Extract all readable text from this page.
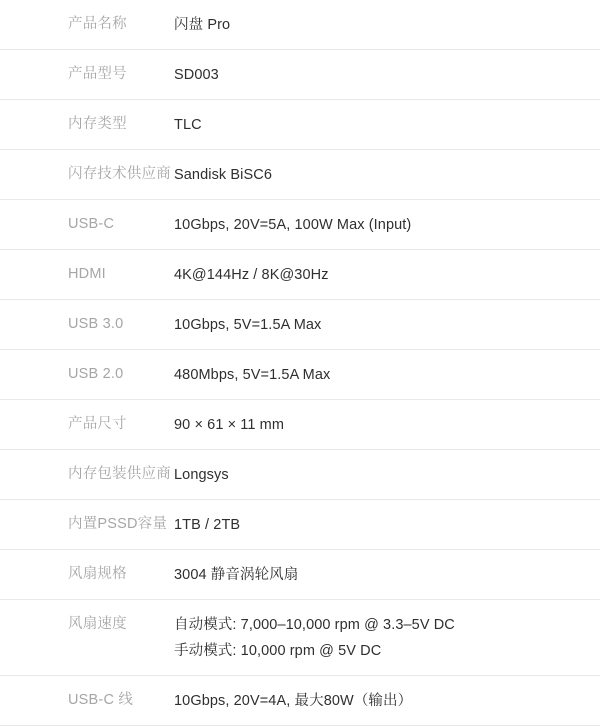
产品名称	闪盘 Pro
产品型号	SD003
内存类型	TLC
闪存技术供应商 Sandisk BiSC6
USB-C	10Gbps, 20V=5A, 100W Max (Input)
HDMI	4K@144Hz / 8K@30Hz
USB 3.0	10Gbps, 5V=1.5A Max
USB 2.0	480Mbps, 5V=1.5A Max
产品尺寸	90 × 61 × 11 mm
内存包装供应商 Longsys
内置PSSD容量 1TB / 2TB
风扇规格	3004 静音涡轮风扇
风扇速度	自动模式: 7,000–10,000 rpm @ 3.3–5V DC
手动模式: 10,000 rpm @ 5V DC
USB-C 线	10Gbps, 20V=4A, 最大80W（输出）
